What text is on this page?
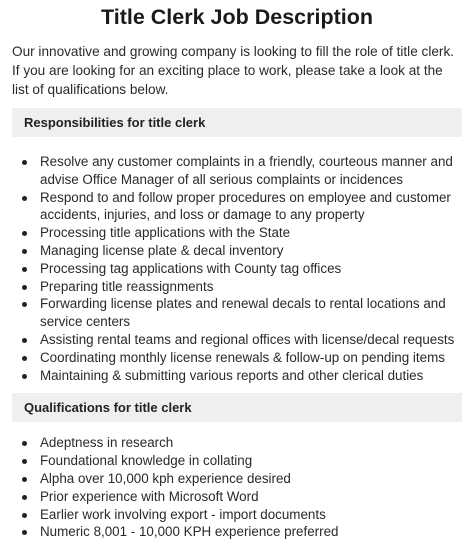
Title Clerk Job Description

Our innovative and growing company is looking to fill the role of title clerk. If you are looking for an exciting place to work, please take a look at the list of qualifications below.

Responsibilities for title clerk
Resolve any customer complaints in a friendly, courteous manner and advise Office Manager of all serious complaints or incidences
Respond to and follow proper procedures on employee and customer accidents, injuries, and loss or damage to any property
Processing title applications with the State
Managing license plate & decal inventory
Processing tag applications with County tag offices
Preparing title reassignments
Forwarding license plates and renewal decals to rental locations and service centers
Assisting rental teams and regional offices with license/decal requests
Coordinating monthly license renewals & follow-up on pending items
Maintaining & submitting various reports and other clerical duties
Qualifications for title clerk
Adeptness in research
Foundational knowledge in collating
Alpha over 10,000 kph experience desired
Prior experience with Microsoft Word
Earlier work involving export - import documents
Numeric 8,001 - 10,000 KPH experience preferred
